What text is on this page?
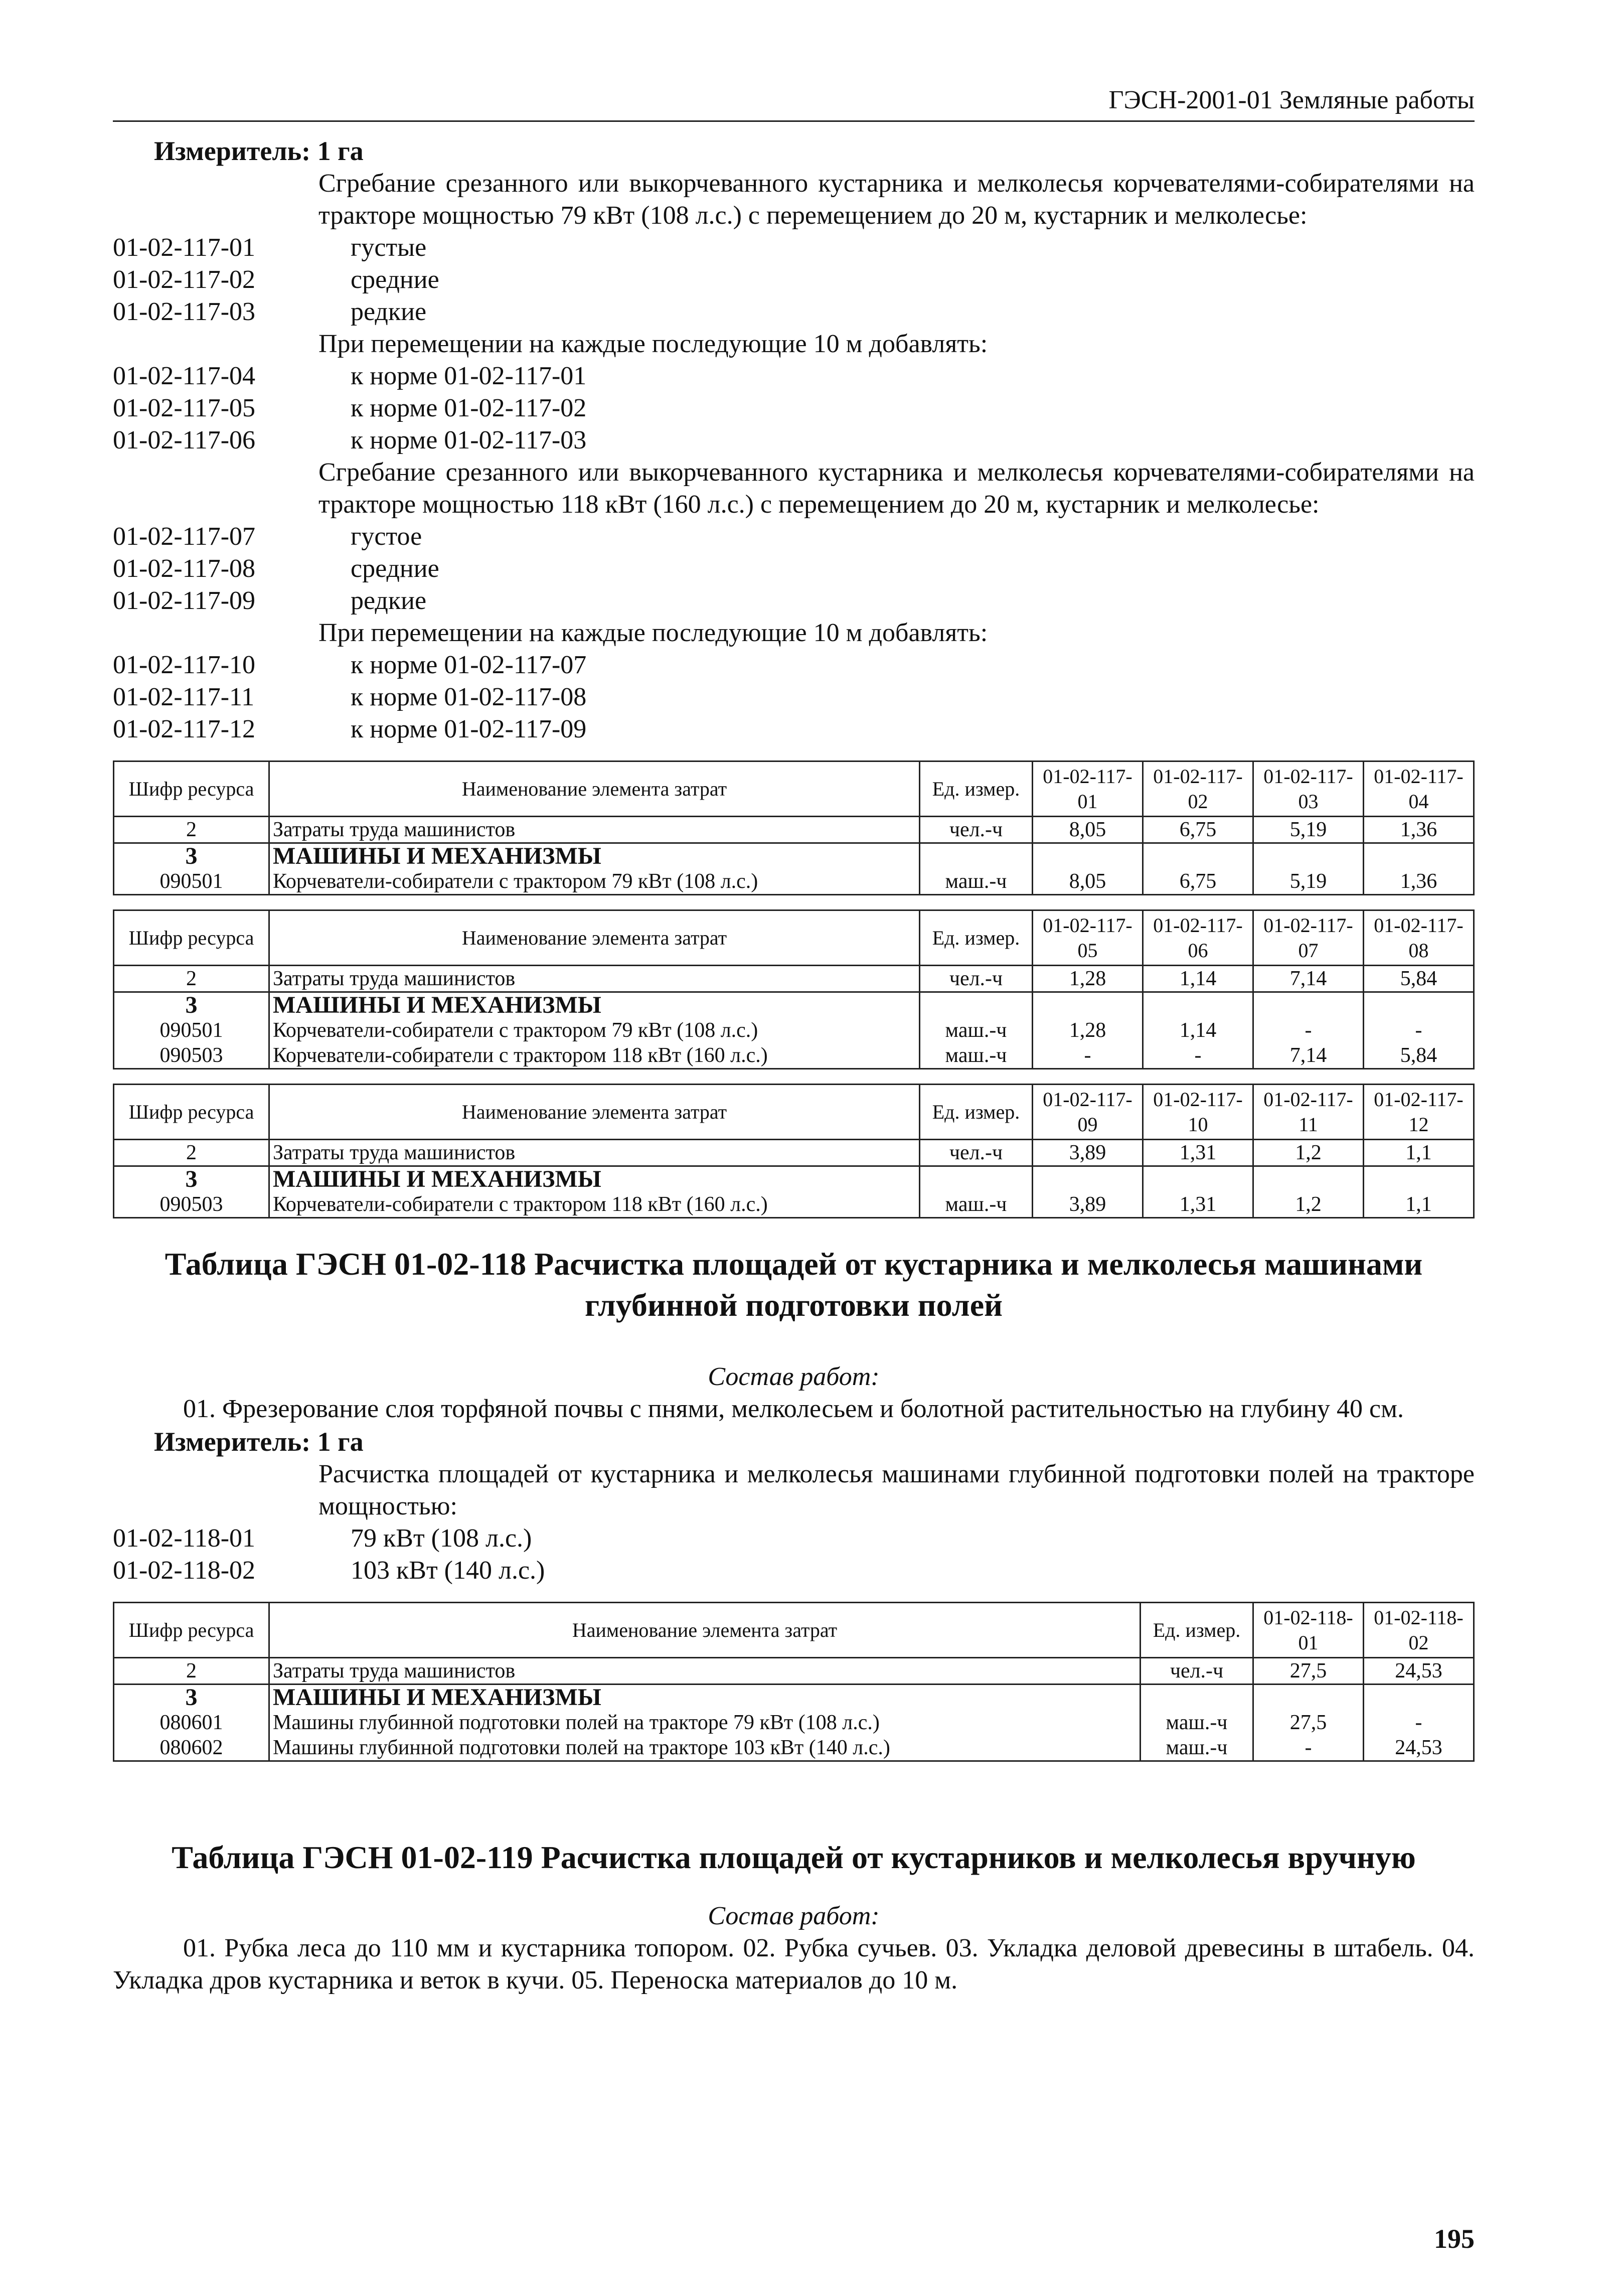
ГЭСН-2001-01 Земляные работы
Измеритель: 1 га
Сгребание срезанного или выкорчеванного кустарника и мелколесья корчевателями-собирателями на тракторе мощностью 79 кВт (108 л.с.) с перемещением до 20 м, кустарник и мелколесье:
01-02-117-01	густые
01-02-117-02	средние
01-02-117-03	редкие
При перемещении на каждые последующие 10 м добавлять:
01-02-117-04	к норме 01-02-117-01
01-02-117-05	к норме 01-02-117-02
01-02-117-06	к норме 01-02-117-03
Сгребание срезанного или выкорчеванного кустарника и мелколесья корчевателями-собирателями на тракторе мощностью 118 кВт (160 л.с.) с перемещением до 20 м, кустарник и мелколесье:
01-02-117-07	густое
01-02-117-08	средние
01-02-117-09	редкие
При перемещении на каждые последующие 10 м добавлять:
01-02-117-10	к норме 01-02-117-07
01-02-117-11	к норме 01-02-117-08
01-02-117-12	к норме 01-02-117-09
Шифр ресурса	Наименование элемента затрат	Ед. измер.	01-02-117-01	01-02-117-02	01-02-117-03	01-02-117-04
2	Затраты труда машинистов	чел.-ч	8,05	6,75	5,19	1,36
3	МАШИНЫ И МЕХАНИЗМЫ					
090501	Корчеватели-собиратели с трактором 79 кВт (108 л.с.)	маш.-ч	8,05	6,75	5,19	1,36
Шифр ресурса	Наименование элемента затрат	Ед. измер.	01-02-117-05	01-02-117-06	01-02-117-07	01-02-117-08
2	Затраты труда машинистов	чел.-ч	1,28	1,14	7,14	5,84
3	МАШИНЫ И МЕХАНИЗМЫ					
090501	Корчеватели-собиратели с трактором 79 кВт (108 л.с.)	маш.-ч	1,28	1,14	-	-
090503	Корчеватели-собиратели с трактором 118 кВт (160 л.с.)	маш.-ч	-	-	7,14	5,84
Шифр ресурса	Наименование элемента затрат	Ед. измер.	01-02-117-09	01-02-117-10	01-02-117-11	01-02-117-12
2	Затраты труда машинистов	чел.-ч	3,89	1,31	1,2	1,1
3	МАШИНЫ И МЕХАНИЗМЫ					
090503	Корчеватели-собиратели с трактором 118 кВт (160 л.с.)	маш.-ч	3,89	1,31	1,2	1,1
Таблица ГЭСН 01-02-118 Расчистка площадей от кустарника и мелколесья машинами глубинной подготовки полей
Состав работ:
01. Фрезерование слоя торфяной почвы с пнями, мелколесьем и болотной растительностью на глубину 40 см.
Измеритель: 1 га
Расчистка площадей от кустарника и мелколесья машинами глубинной подготовки полей на тракторе мощностью:
01-02-118-01	79 кВт (108 л.с.)
01-02-118-02	103 кВт (140 л.с.)
Шифр ресурса	Наименование элемента затрат	Ед. измер.	01-02-118-01	01-02-118-02
2	Затраты труда машинистов	чел.-ч	27,5	24,53
3	МАШИНЫ И МЕХАНИЗМЫ			
080601	Машины глубинной подготовки полей на тракторе 79 кВт (108 л.с.)	маш.-ч	27,5	-
080602	Машины глубинной подготовки полей на тракторе 103 кВт (140 л.с.)	маш.-ч	-	24,53
Таблица ГЭСН 01-02-119 Расчистка площадей от кустарников и мелколесья вручную
Состав работ:
01. Рубка леса до 110 мм и кустарника топором. 02. Рубка сучьев. 03. Укладка деловой древесины в штабель. 04. Укладка дров кустарника и веток в кучи. 05. Переноска материалов до 10 м.
195
